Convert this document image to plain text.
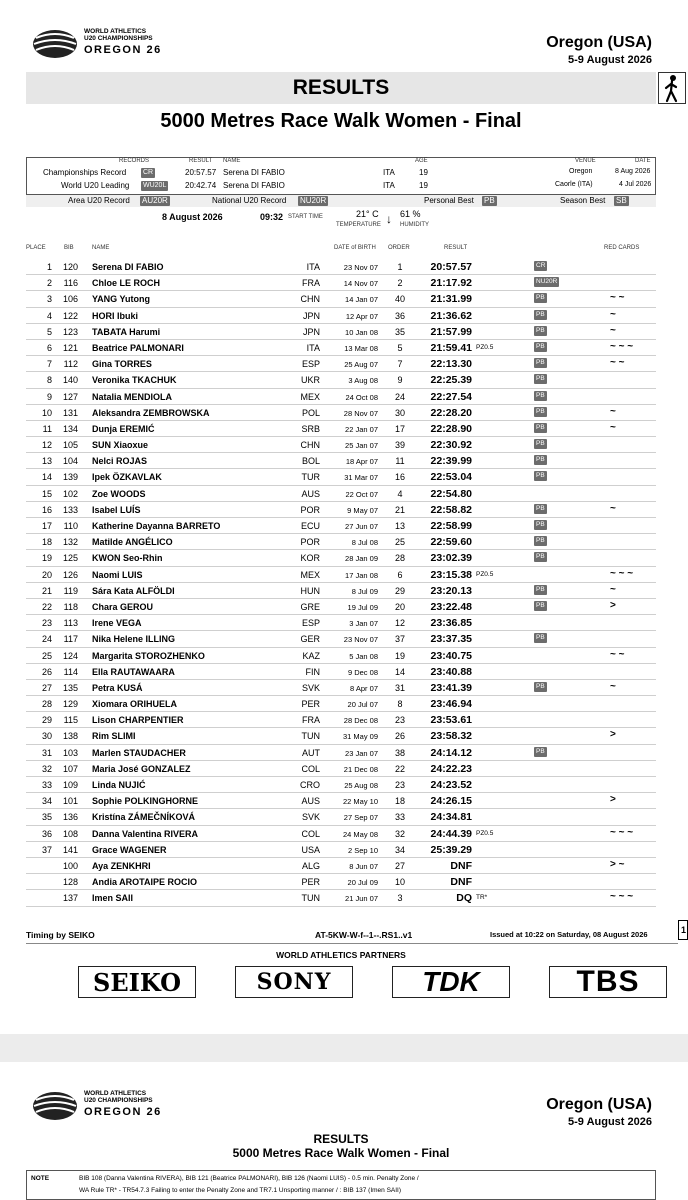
WORLD ATHLETICS
U20 CHAMPIONSHIPS
OREGON 26	Oregon (USA)
5-9 August 2026
RESULTS
5000 Metres Race Walk Women - Final
RECORDS	RESULT NAME	AGE	VENUE	DATE
Championships Record CR	20:57.57 Serena DI FABIO	ITA	19	Oregon	8 Aug 2026
World U20 Leading WU20L 20:42.74 Serena DI FABIO	ITA	19	Caorle (ITA)	4 Jul 2026
Area U20 Record AU20R	National U20 Record NU20R	Personal Best PB	Season Best SB
8 August 2026	09:32 START TIME	21° C
TEMPERATURE ↓ 61 %
HUMIDITY
PLACE	BIB	NAME	DATE of BIRTH ORDER	RESULT	RED CARDS
1	120 Serena DI FABIO	ITA	23 Nov 07	1	20:57.57	CR
2	116 Chloe LE ROCH	FRA	14 Nov 07	2	21:17.92	NU20R
3	106 YANG Yutong	CHN	14 Jan 07	40	21:31.99	PB	~ ~
4	122 HORI Ibuki	JPN	12 Apr 07	36	21:36.62	PB	~
5	123 TABATA Harumi	JPN	10 Jan 08	35	21:57.99	PB	~
6	121 Beatrice PALMONARI	ITA	13 Mar 08	5	21:59.41 PZ0.5	PB	~ ~ ~
7	112 Gina TORRES	ESP	25 Aug 07	7	22:13.30	PB	~ ~
8	140 Veronika TKACHUK	UKR	3 Aug 08	9	22:25.39	PB
9	127 Natalia MENDIOLA	MEX	24 Oct 08	24	22:27.54	PB
10	131 Aleksandra ZEMBROWSKA	POL	28 Nov 07	30	22:28.20	PB	~
11	134 Dunja EREMIĆ	SRB	22 Jan 07	17	22:28.90	PB	~
12	105 SUN Xiaoxue	CHN	25 Jan 07	39	22:30.92	PB
13	104 Nelci ROJAS	BOL	18 Apr 07	11	22:39.99	PB
14	139 Ipek ÖZKAVLAK	TUR	31 Mar 07	16	22:53.04	PB
15	102 Zoe WOODS	AUS	22 Oct 07	4	22:54.80
16	133 Isabel LUÍS	POR	9 May 07	21	22:58.82	PB	~
17	110 Katherine Dayanna BARRETO	ECU	27 Jun 07	13	22:58.99	PB
18	132 Matilde ANGÉLICO	POR	8 Jul 08	25	22:59.60	PB
19	125 KWON Seo-Rhin	KOR	28 Jan 09	28	23:02.39	PB
20	126 Naomi LUIS	MEX	17 Jan 08	6	23:15.38 PZ0.5	~ ~ ~
21	119 Sára Kata ALFÖLDI	HUN	8 Jul 09	29	23:20.13	PB	~
22	118 Chara GEROU	GRE	19 Jul 09	20	23:22.48	PB	>
23	113 Irene VEGA	ESP	3 Jan 07	12	23:36.85
24	117 Nika Helene ILLING	GER	23 Nov 07	37	23:37.35	PB
25	124 Margarita STOROZHENKO	KAZ	5 Jan 08	19	23:40.75	~ ~
26	114 Ella RAUTAWAARA	FIN	9 Dec 08	14	23:40.88
27	135 Petra KUSÁ	SVK	8 Apr 07	31	23:41.39	PB	~
28	129 Xiomara ORIHUELA	PER	20 Jul 07	8	23:46.94
29	115 Lison CHARPENTIER	FRA	28 Dec 08	23	23:53.61
30	138 Rim SLIMI	TUN	31 May 09	26	23:58.32	>
31	103 Marlen STAUDACHER	AUT	23 Jan 07	38	24:14.12	PB
32	107 Maria José GONZALEZ	COL	21 Dec 08	22	24:22.23
33	109 Linda NUJIĆ	CRO	25 Aug 08	23	24:23.52
34	101 Sophie POLKINGHORNE	AUS	22 May 10	18	24:26.15	>
35	136 Kristína ZÁMEČNÍKOVÁ	SVK	27 Sep 07	33	24:34.81
36	108 Danna Valentina RIVERA	COL	24 May 08	32	24:44.39 PZ0.5	~ ~ ~
37	141 Grace WAGENER	USA	2 Sep 10	34	25:39.29
100 Aya ZENKHRI	ALG	8 Jun 07	27	DNF	> ~
128 Andia AROTAIPE ROCIO	PER	20 Jul 09	10	DNF
137 Imen SAII	TUN	21 Jun 07	3	DQ TR*	~ ~ ~
Timing by SEIKO	AT-5KW-W-f--1--.RS1..v1	Issued at 10:22 on Saturday, 08 August 2026	1
WORLD ATHLETICS PARTNERS
SEIKO	SONY	TDK	TBS
WORLD ATHLETICS
U20 CHAMPIONSHIPS
OREGON 26	Oregon (USA)
5-9 August 2026
RESULTS
5000 Metres Race Walk Women - Final
NOTE	BIB 108 (Danna Valentina RIVERA), BIB 121 (Beatrice PALMONARI), BIB 126 (Naomi LUIS) - 0.5 min. Penalty Zone /
WA Rule TR* - TR54.7.3 Failing to enter the Penalty Zone and TR7.1 Unsporting manner / : BIB 137 (Imen SAII)
